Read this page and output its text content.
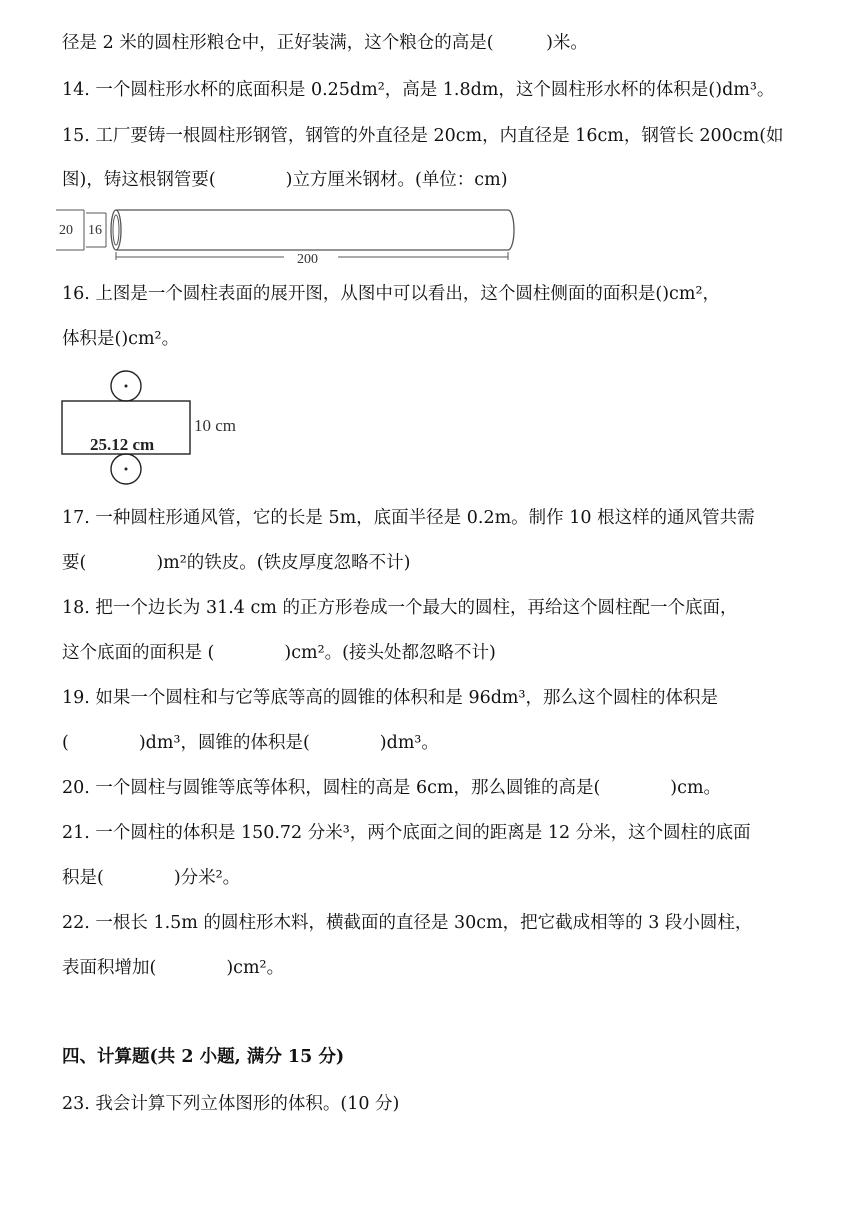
径是 2 米的圆柱形粮仓中，正好装满，这个粮仓的高是(　　　)米。
14. 一个圆柱形水杯的底面积是 0.25dm²，高是 1.8dm，这个圆柱形水杯的体积是()dm³。
15. 工厂要铸一根圆柱形钢管，钢管的外直径是 20cm，内直径是 16cm，钢管长 200cm(如
图)，铸这根钢管要(　　　　)立方厘米钢材。(单位：cm)
20 16
200
16. 上图是一个圆柱表面的展开图，从图中可以看出，这个圆柱侧面的面积是()cm²，
体积是()cm²。
10 cm
25.12 cm
17. 一种圆柱形通风管，它的长是 5m，底面半径是 0.2m。制作 10 根这样的通风管共需
要(　　　　)m²的铁皮。(铁皮厚度忽略不计)
18. 把一个边长为 31.4 cm 的正方形卷成一个最大的圆柱，再给这个圆柱配一个底面，
这个底面的面积是 (　　　　)cm²。(接头处都忽略不计)
19. 如果一个圆柱和与它等底等高的圆锥的体积和是 96dm³，那么这个圆柱的体积是
(　　　　)dm³，圆锥的体积是(　　　　)dm³。
20. 一个圆柱与圆锥等底等体积，圆柱的高是 6cm，那么圆锥的高是(　　　　)cm。
21. 一个圆柱的体积是 150.72 分米³，两个底面之间的距离是 12 分米，这个圆柱的底面
积是(　　　　)分米²。
22. 一根长 1.5m 的圆柱形木料，横截面的直径是 30cm，把它截成相等的 3 段小圆柱，
表面积增加(　　　　)cm²。
四、计算题(共 2 小题, 满分 15 分)
23. 我会计算下列立体图形的体积。(10 分)
